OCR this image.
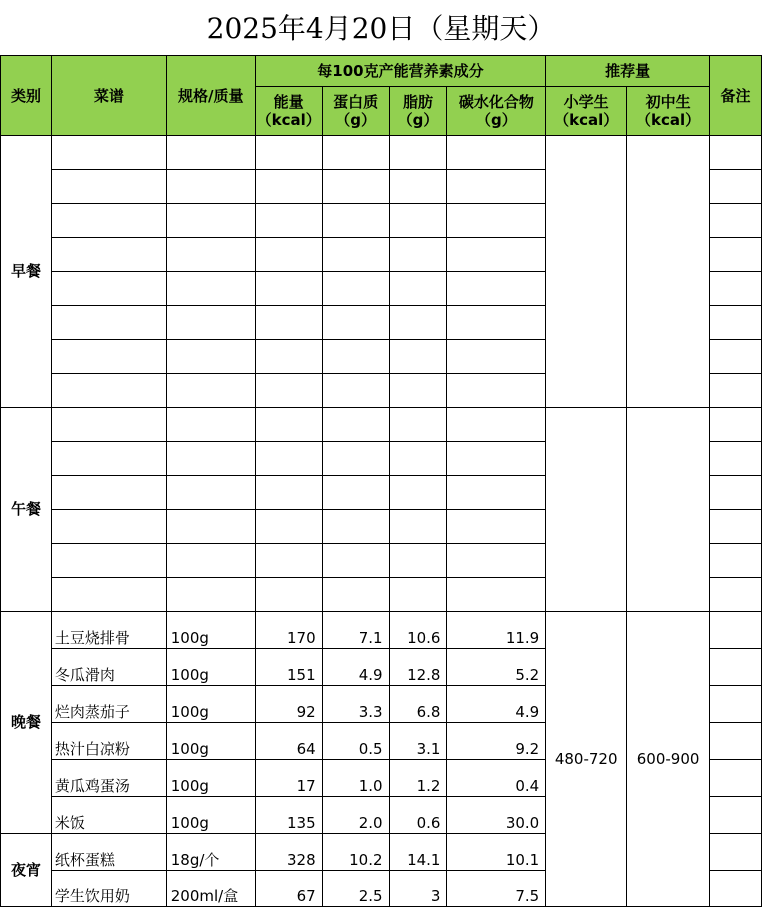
2025年4月20日（星期天）									
类别	菜谱	规格/质量	每100克产能营养素成分				推荐量		备注
			能量（kcal）	蛋白质（g）	脂肪（g）	碳水化合物（g）	小学生（kcal）	初中生（kcal）	
早餐									

午餐									

晚餐	土豆烧排骨	100g	170	7.1	10.6	11.9	480-720	600-900	
	冬瓜滑肉	100g	151	4.9	12.8	5.2			
	烂肉蒸茄子	100g	92	3.3	6.8	4.9			
	热汁白凉粉	100g	64	0.5	3.1	9.2			
	黄瓜鸡蛋汤	100g	17	1.0	1.2	0.4			
	米饭	100g	135	2.0	0.6	30.0			
夜宵	纸杯蛋糕	18g/个	328	10.2	14.1	10.1			
	学生饮用奶	200ml/盒	67	2.5	3	7.5			
